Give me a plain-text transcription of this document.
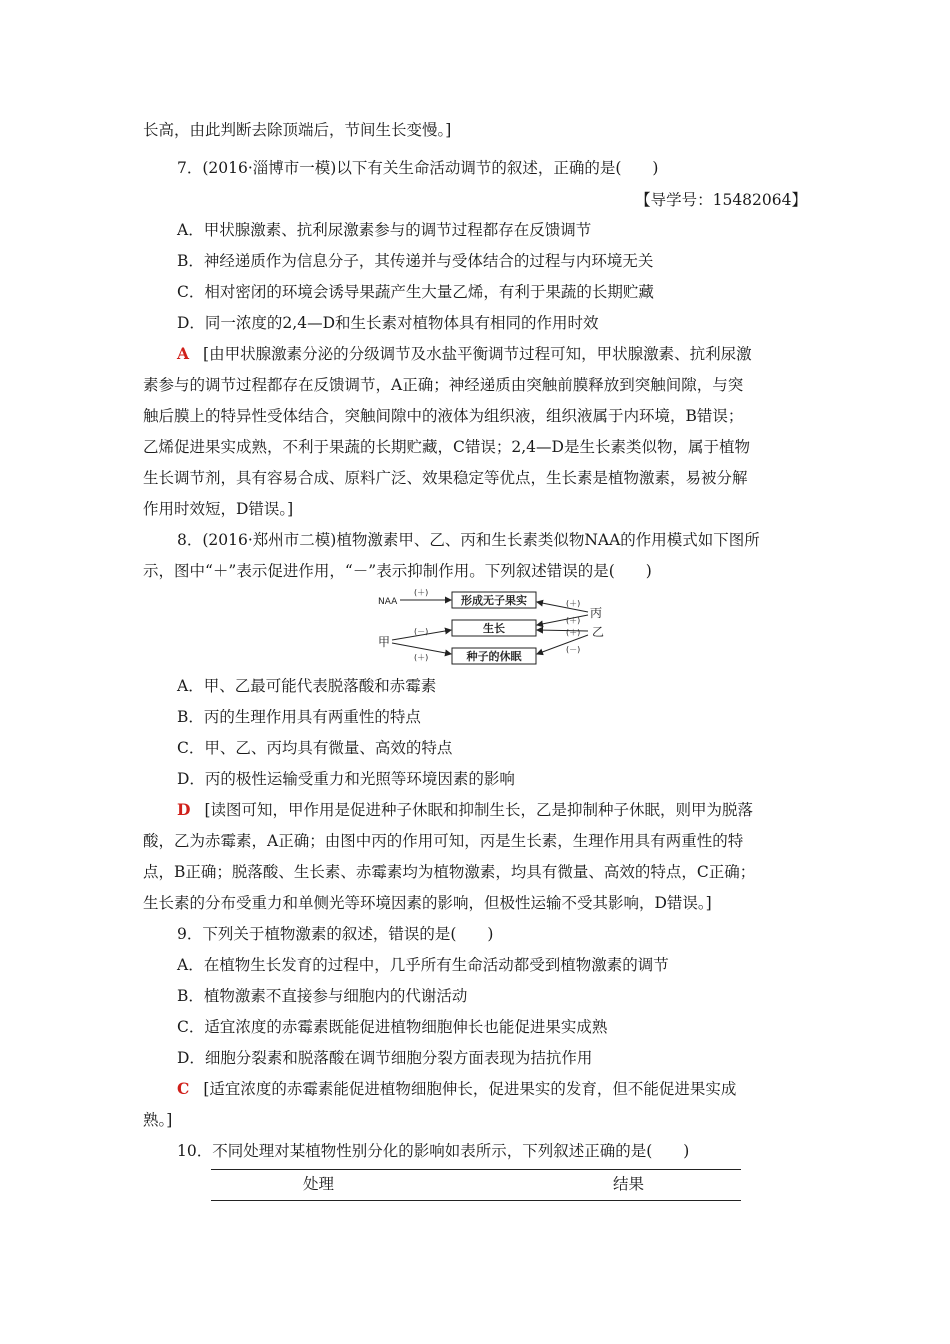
长高，由此判断去除顶端后，节间生长变慢。]
7．(2016·淄博市一模)以下有关生命活动调节的叙述，正确的是(　　)
【导学号：15482064】
A．甲状腺激素、抗利尿激素参与的调节过程都存在反馈调节
B．神经递质作为信息分子，其传递并与受体结合的过程与内环境无关
C．相对密闭的环境会诱导果蔬产生大量乙烯，有利于果蔬的长期贮藏
D．同一浓度的2,4—D和生长素对植物体具有相同的作用时效
A [由甲状腺激素分泌的分级调节及水盐平衡调节过程可知，甲状腺激素、抗利尿激
素参与的调节过程都存在反馈调节，A正确；神经递质由突触前膜释放到突触间隙，与突
触后膜上的特异性受体结合，突触间隙中的液体为组织液，组织液属于内环境，B错误；
乙烯促进果实成熟，不利于果蔬的长期贮藏，C错误；2,4—D是生长素类似物，属于植物
生长调节剂，具有容易合成、原料广泛、效果稳定等优点，生长素是植物激素，易被分解
作用时效短，D错误。]
8．(2016·郑州市二模)植物激素甲、乙、丙和生长素类似物NAA的作用模式如下图所
示，图中“＋”表示促进作用，“－”表示抑制作用。下列叙述错误的是(　　)
形成无子果实
生长
种子的休眠
NAA
甲
乙
丙
(＋)
(＋)
(＋)
(＋)
(－)
(－)
(＋)
A．甲、乙最可能代表脱落酸和赤霉素
B．丙的生理作用具有两重性的特点
C．甲、乙、丙均具有微量、高效的特点
D．丙的极性运输受重力和光照等环境因素的影响
D [读图可知，甲作用是促进种子休眠和抑制生长，乙是抑制种子休眠，则甲为脱落
酸，乙为赤霉素，A正确；由图中丙的作用可知，丙是生长素，生理作用具有两重性的特
点，B正确；脱落酸、生长素、赤霉素均为植物激素，均具有微量、高效的特点，C正确；
生长素的分布受重力和单侧光等环境因素的影响，但极性运输不受其影响，D错误。]
9．下列关于植物激素的叙述，错误的是(　　)
A．在植物生长发育的过程中，几乎所有生命活动都受到植物激素的调节
B．植物激素不直接参与细胞内的代谢活动
C．适宜浓度的赤霉素既能促进植物细胞伸长也能促进果实成熟
D．细胞分裂素和脱落酸在调节细胞分裂方面表现为拮抗作用
C [适宜浓度的赤霉素能促进植物细胞伸长，促进果实的发育，但不能促进果实成
熟。]
10．不同处理对某植物性别分化的影响如表所示，下列叙述正确的是(　　)
处理	结果
